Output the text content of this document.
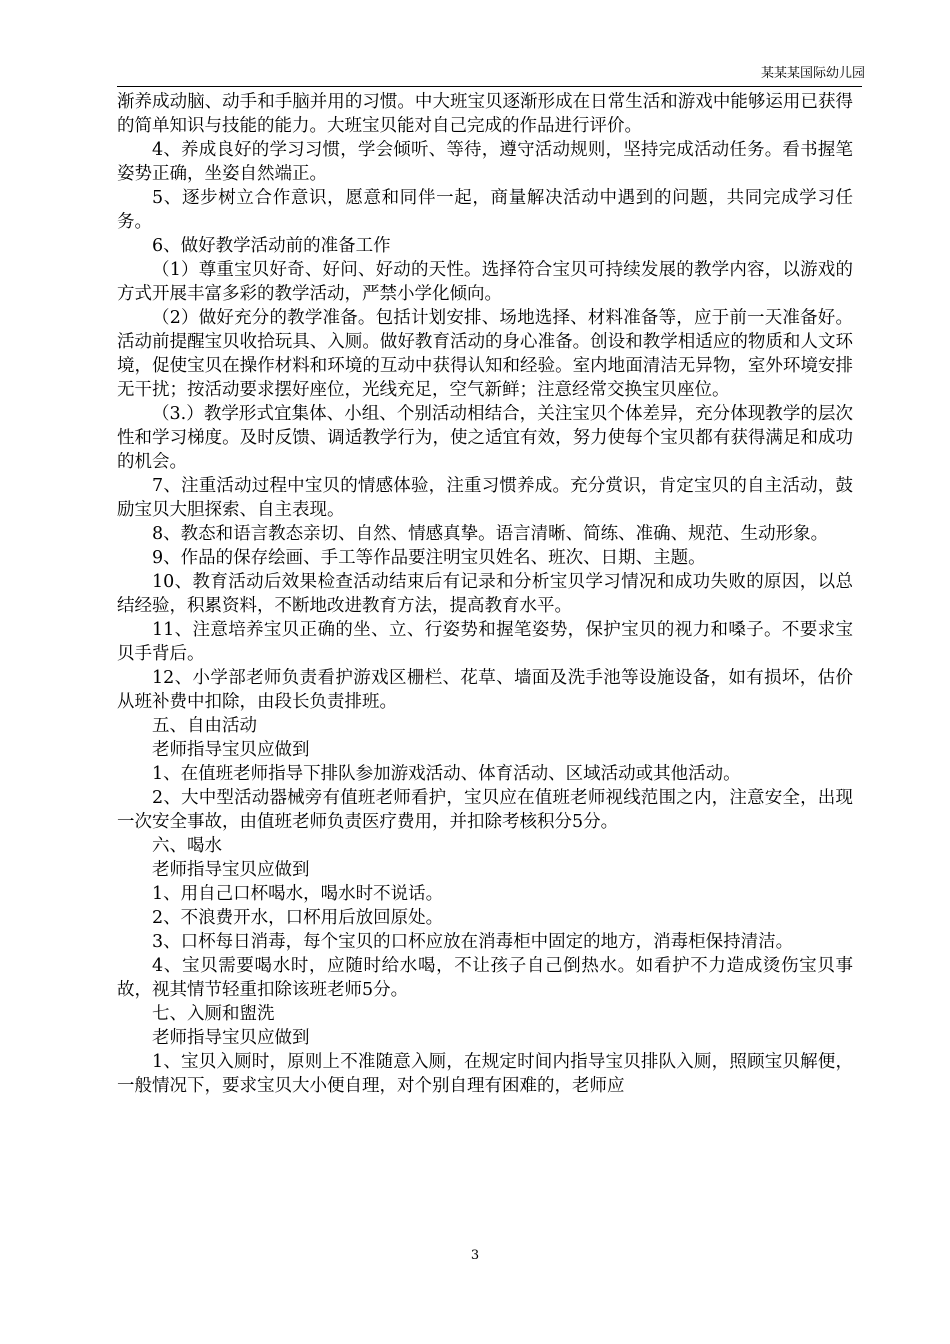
某某某国际幼儿园

渐养成动脑、动手和手脑并用的习惯。中大班宝贝逐渐形成在日常生活和游戏中能够运用已获得的简单知识与技能的能力。大班宝贝能对自己完成的作品进行评价。

4、养成良好的学习习惯，学会倾听、等待，遵守活动规则，坚持完成活动任务。看书握笔姿势正确，坐姿自然端正。

5、逐步树立合作意识，愿意和同伴一起，商量解决活动中遇到的问题，共同完成学习任务。

6、做好教学活动前的准备工作

（1）尊重宝贝好奇、好问、好动的天性。选择符合宝贝可持续发展的教学内容，以游戏的方式开展丰富多彩的教学活动，严禁小学化倾向。

（2）做好充分的教学准备。包括计划安排、场地选择、材料准备等，应于前一天准备好。活动前提醒宝贝收拾玩具、入厕。做好教育活动的身心准备。创设和教学相适应的物质和人文环境，促使宝贝在操作材料和环境的互动中获得认知和经验。室内地面清洁无异物，室外环境安排无干扰；按活动要求摆好座位，光线充足，空气新鲜；注意经常交换宝贝座位。

（3.）教学形式宜集体、小组、个别活动相结合，关注宝贝个体差异，充分体现教学的层次性和学习梯度。及时反馈、调适教学行为，使之适宜有效，努力使每个宝贝都有获得满足和成功的机会。

7、注重活动过程中宝贝的情感体验，注重习惯养成。充分赏识，肯定宝贝的自主活动，鼓励宝贝大胆探索、自主表现。

8、教态和语言教态亲切、自然、情感真挚。语言清晰、简练、准确、规范、生动形象。

9、作品的保存绘画、手工等作品要注明宝贝姓名、班次、日期、主题。

10、教育活动后效果检查活动结束后有记录和分析宝贝学习情况和成功失败的原因，以总结经验，积累资料，不断地改进教育方法，提高教育水平。

11、注意培养宝贝正确的坐、立、行姿势和握笔姿势，保护宝贝的视力和嗓子。不要求宝贝手背后。

12、小学部老师负责看护游戏区栅栏、花草、墙面及洗手池等设施设备，如有损坏，估价从班补费中扣除，由段长负责排班。

五、自由活动

老师指导宝贝应做到

1、在值班老师指导下排队参加游戏活动、体育活动、区域活动或其他活动。

2、大中型活动器械旁有值班老师看护，宝贝应在值班老师视线范围之内，注意安全，出现一次安全事故，由值班老师负责医疗费用，并扣除考核积分5分。

六、喝水

老师指导宝贝应做到

1、用自己口杯喝水，喝水时不说话。

2、不浪费开水，口杯用后放回原处。

3、口杯每日消毒，每个宝贝的口杯应放在消毒柜中固定的地方，消毒柜保持清洁。

4、宝贝需要喝水时，应随时给水喝，不让孩子自己倒热水。如看护不力造成烫伤宝贝事故，视其情节轻重扣除该班老师5分。

七、入厕和盥洗

老师指导宝贝应做到

1、宝贝入厕时，原则上不准随意入厕，在规定时间内指导宝贝排队入厕，照顾宝贝解便，一般情况下，要求宝贝大小便自理，对个别自理有困难的，老师应

3
